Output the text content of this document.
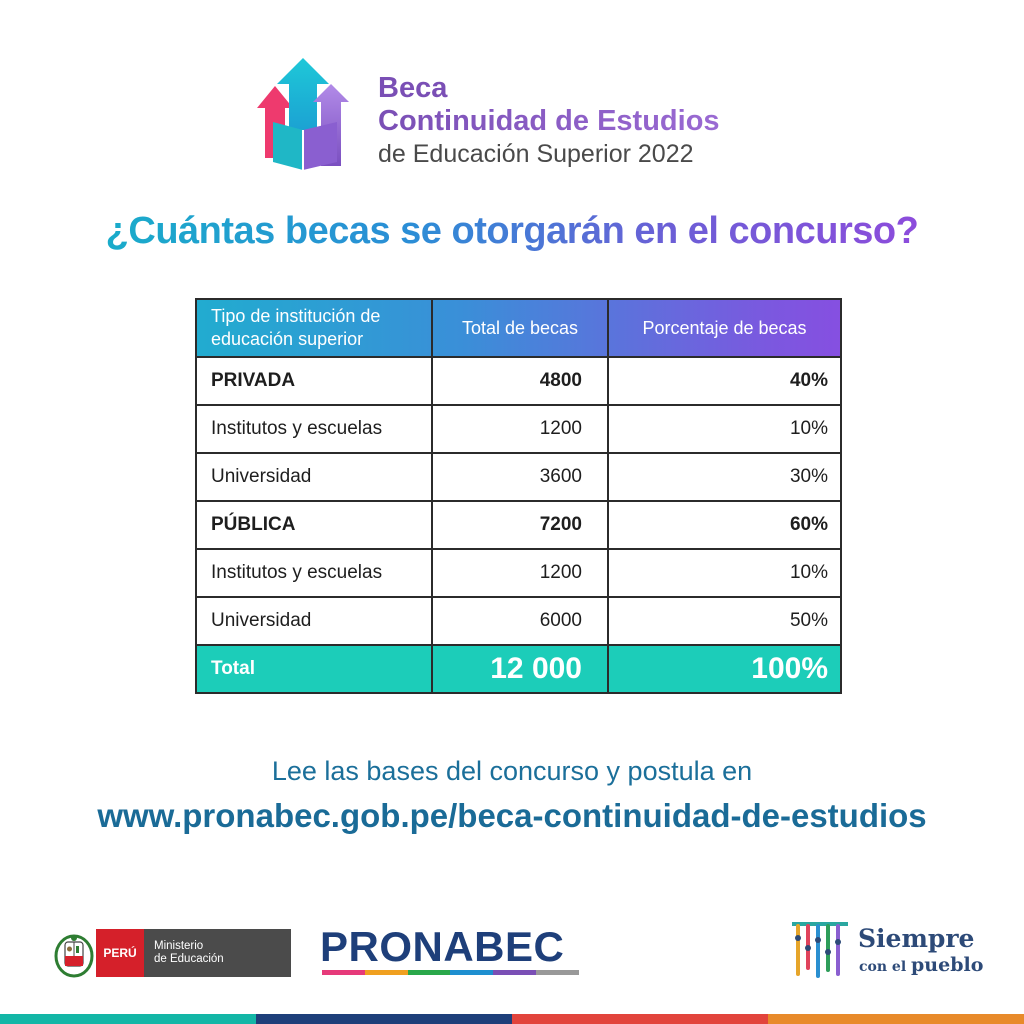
Beca
Continuidad de Estudios
de Educación Superior 2022
¿Cuántas becas se otorgarán en el concurso?
Tipo de institución de educación superior	Total de becas	Porcentaje de becas
PRIVADA	4800	40%
Institutos y escuelas	1200	10%
Universidad	3600	30%
PÚBLICA	7200	60%
Institutos y escuelas	1200	10%
Universidad	6000	50%
Total	12 000	100%
Lee las bases del concurso y postula en
www.pronabec.gob.pe/beca-continuidad-de-estudios
PERÚ	Ministerio
de Educación	PRONABEC	Siempre
con el pueblo
